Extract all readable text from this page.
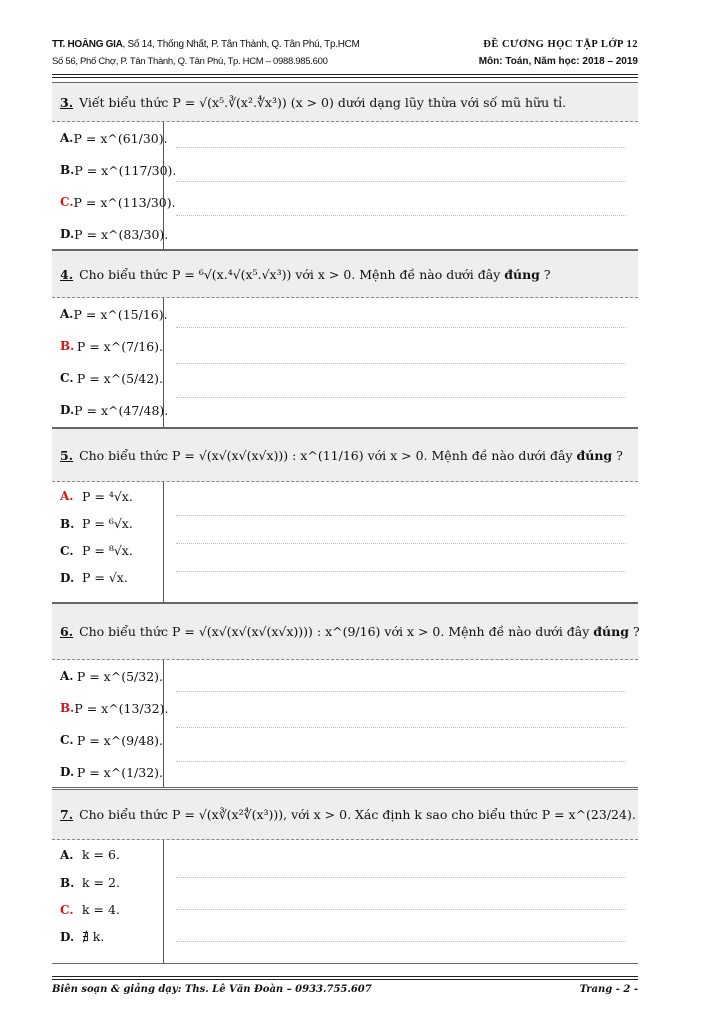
TT. HOÀNG GIA, Số 14, Thống Nhất, P. Tân Thành, Q. Tân Phú, Tp.HCM	ĐỀ CƯƠNG HỌC TẬP LỚP 12
Số 56, Phố Chợ, P. Tân Thành, Q. Tân Phú, Tp. HCM – 0988.985.600	Môn: Toán, Năm học: 2018 – 2019
3. Viết biểu thức P = √(x⁵.∛(x².∜x³)) (x > 0) dưới dạng lũy thừa với số mũ hữu tỉ.
A. P = x^(61/30).
B. P = x^(117/30).
C. P = x^(113/30).
D. P = x^(83/30).
4. Cho biểu thức P = ⁶√(x.⁴√(x⁵.√x³)) với x > 0. Mệnh đề nào dưới đây đúng ?
A. P = x^(15/16).
B. P = x^(7/16).
C. P = x^(5/42).
D. P = x^(47/48).
5. Cho biểu thức P = √(x√(x√(x√x))) : x^(11/16) với x > 0. Mệnh đề nào dưới đây đúng ?
A. P = ⁴√x.
B. P = ⁶√x.
C. P = ⁸√x.
D. P = √x.
6. Cho biểu thức P = √(x√(x√(x√(x√x)))) : x^(9/16) với x > 0. Mệnh đề nào dưới đây đúng ?
A. P = x^(5/32).
B. P = x^(13/32).
C. P = x^(9/48).
D. P = x^(1/32).
7. Cho biểu thức P = √(x∛(x²∜(x³))), với x > 0. Xác định k sao cho biểu thức P = x^(23/24).
A. k = 6.
B. k = 2.
C. k = 4.
D. ∄ k.
Biên soạn & giảng dạy: Ths. Lê Văn Đoàn – 0933.755.607	Trang - 2 -
